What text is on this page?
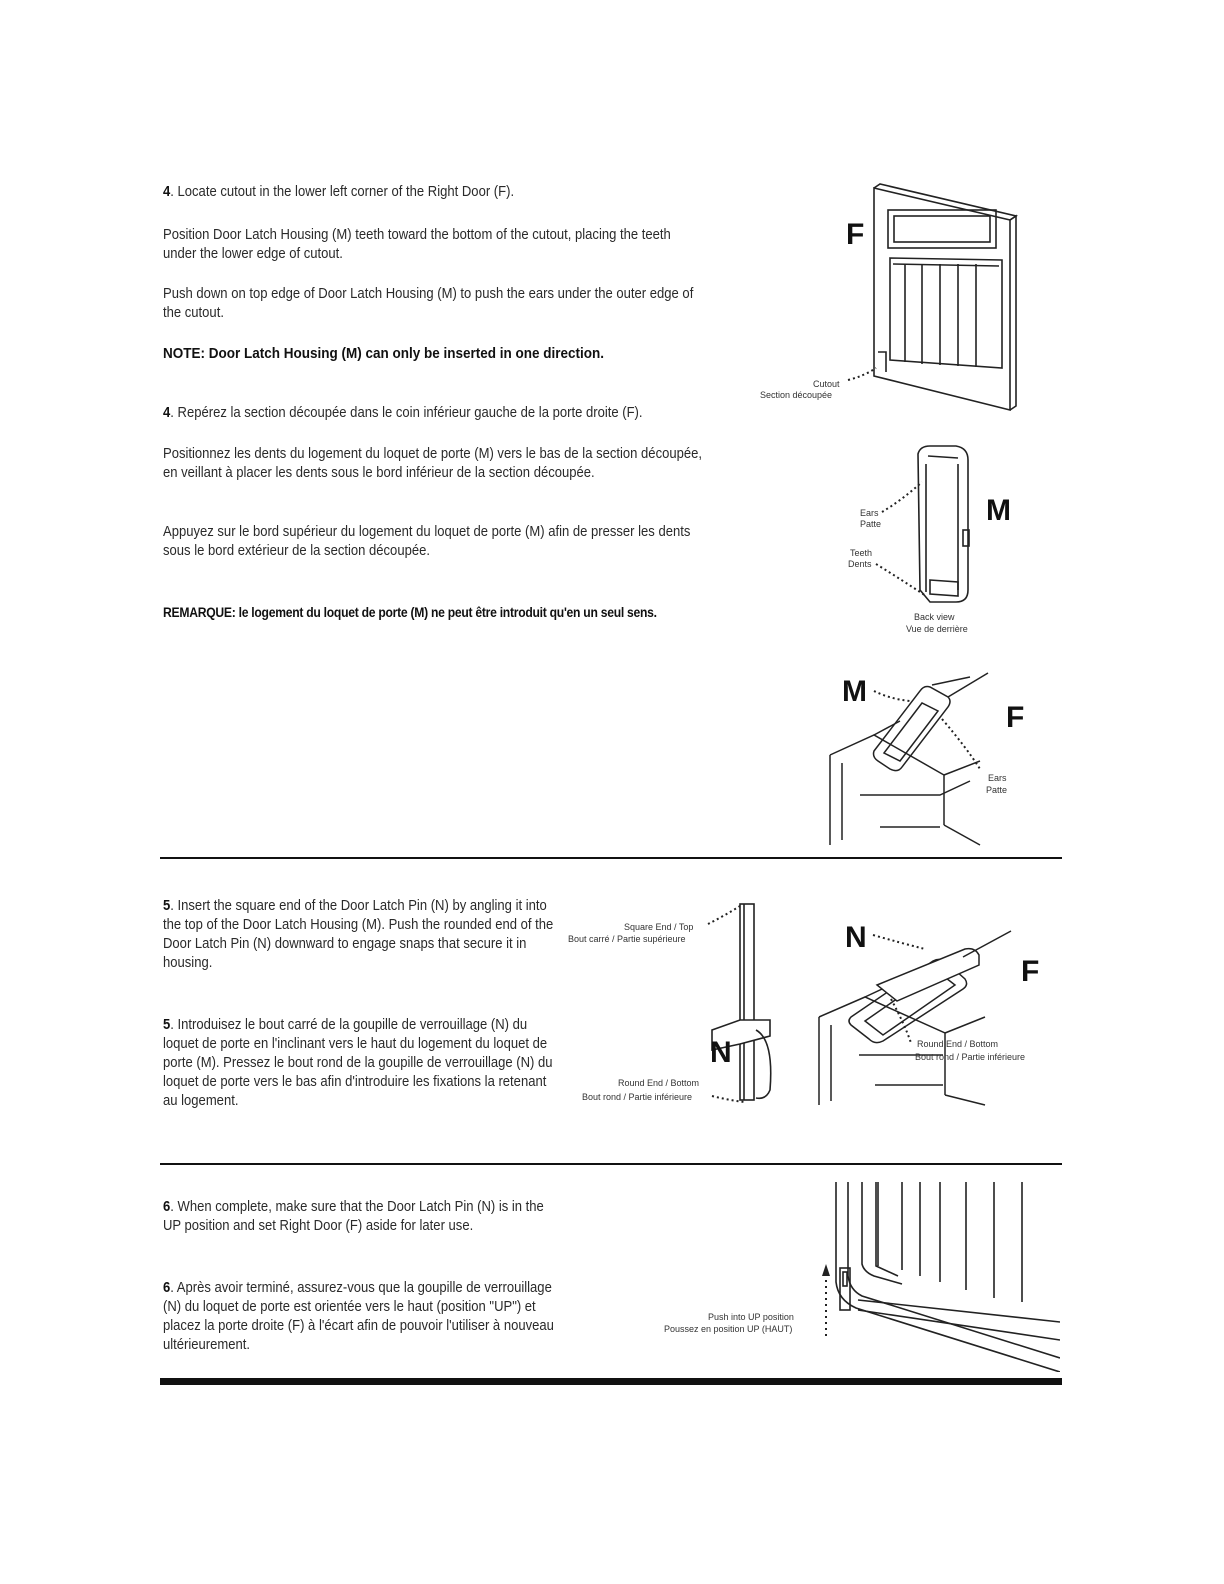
4. Locate cutout in the lower left corner of the Right Door (F).

Position Door Latch Housing (M) teeth toward the bottom of the cutout, placing the teeth under the lower edge of cutout.

Push down on top edge of Door Latch Housing (M) to push the ears under the outer edge of the cutout.

NOTE: Door Latch Housing (M) can only be inserted in one direction.

4. Repérez la section découpée dans le coin inférieur gauche de la porte droite (F).

Positionnez les dents du logement du loquet de porte (M) vers le bas de la section découpée, en veillant à placer les dents sous le bord inférieur de la section découpée.

Appuyez sur le bord supérieur du logement du loquet de porte (M) afin de presser les dents sous le bord extérieur de la section découpée.

REMARQUE: le logement du loquet de porte (M) ne peut être introduit qu'en un seul sens.

F
Cutout
Section découpée
M
Ears
Patte
Teeth
Dents
Back view
Vue de derrière
M
F
Ears
Patte

5. Insert the square end of the Door Latch Pin (N) by angling it into the top of the Door Latch Housing (M). Push the rounded end of the Door Latch Pin (N) downward to engage snaps that secure it in housing.

5. Introduisez le bout carré de la goupille de verrouillage (N) du loquet de porte en l'inclinant vers le haut du logement du loquet de porte (M). Pressez le bout rond de la goupille de verrouillage (N) du loquet de porte vers le bas afin d'introduire les fixations la retenant au logement.

N
Square End / Top
Bout carré / Partie supérieure
Round End / Bottom
Bout rond / Partie inférieure
N
F
Round End / Bottom
Bout rond / Partie inférieure

6. When complete, make sure that the Door Latch Pin (N) is in the UP position and set Right Door (F) aside for later use.

6. Après avoir terminé, assurez-vous que la goupille de verrouillage (N) du loquet de porte est orientée vers le haut (position "UP") et placez la porte droite (F) à l'écart afin de pouvoir l'utiliser à nouveau ultérieurement.

Push into UP position
Poussez en position UP (HAUT)
